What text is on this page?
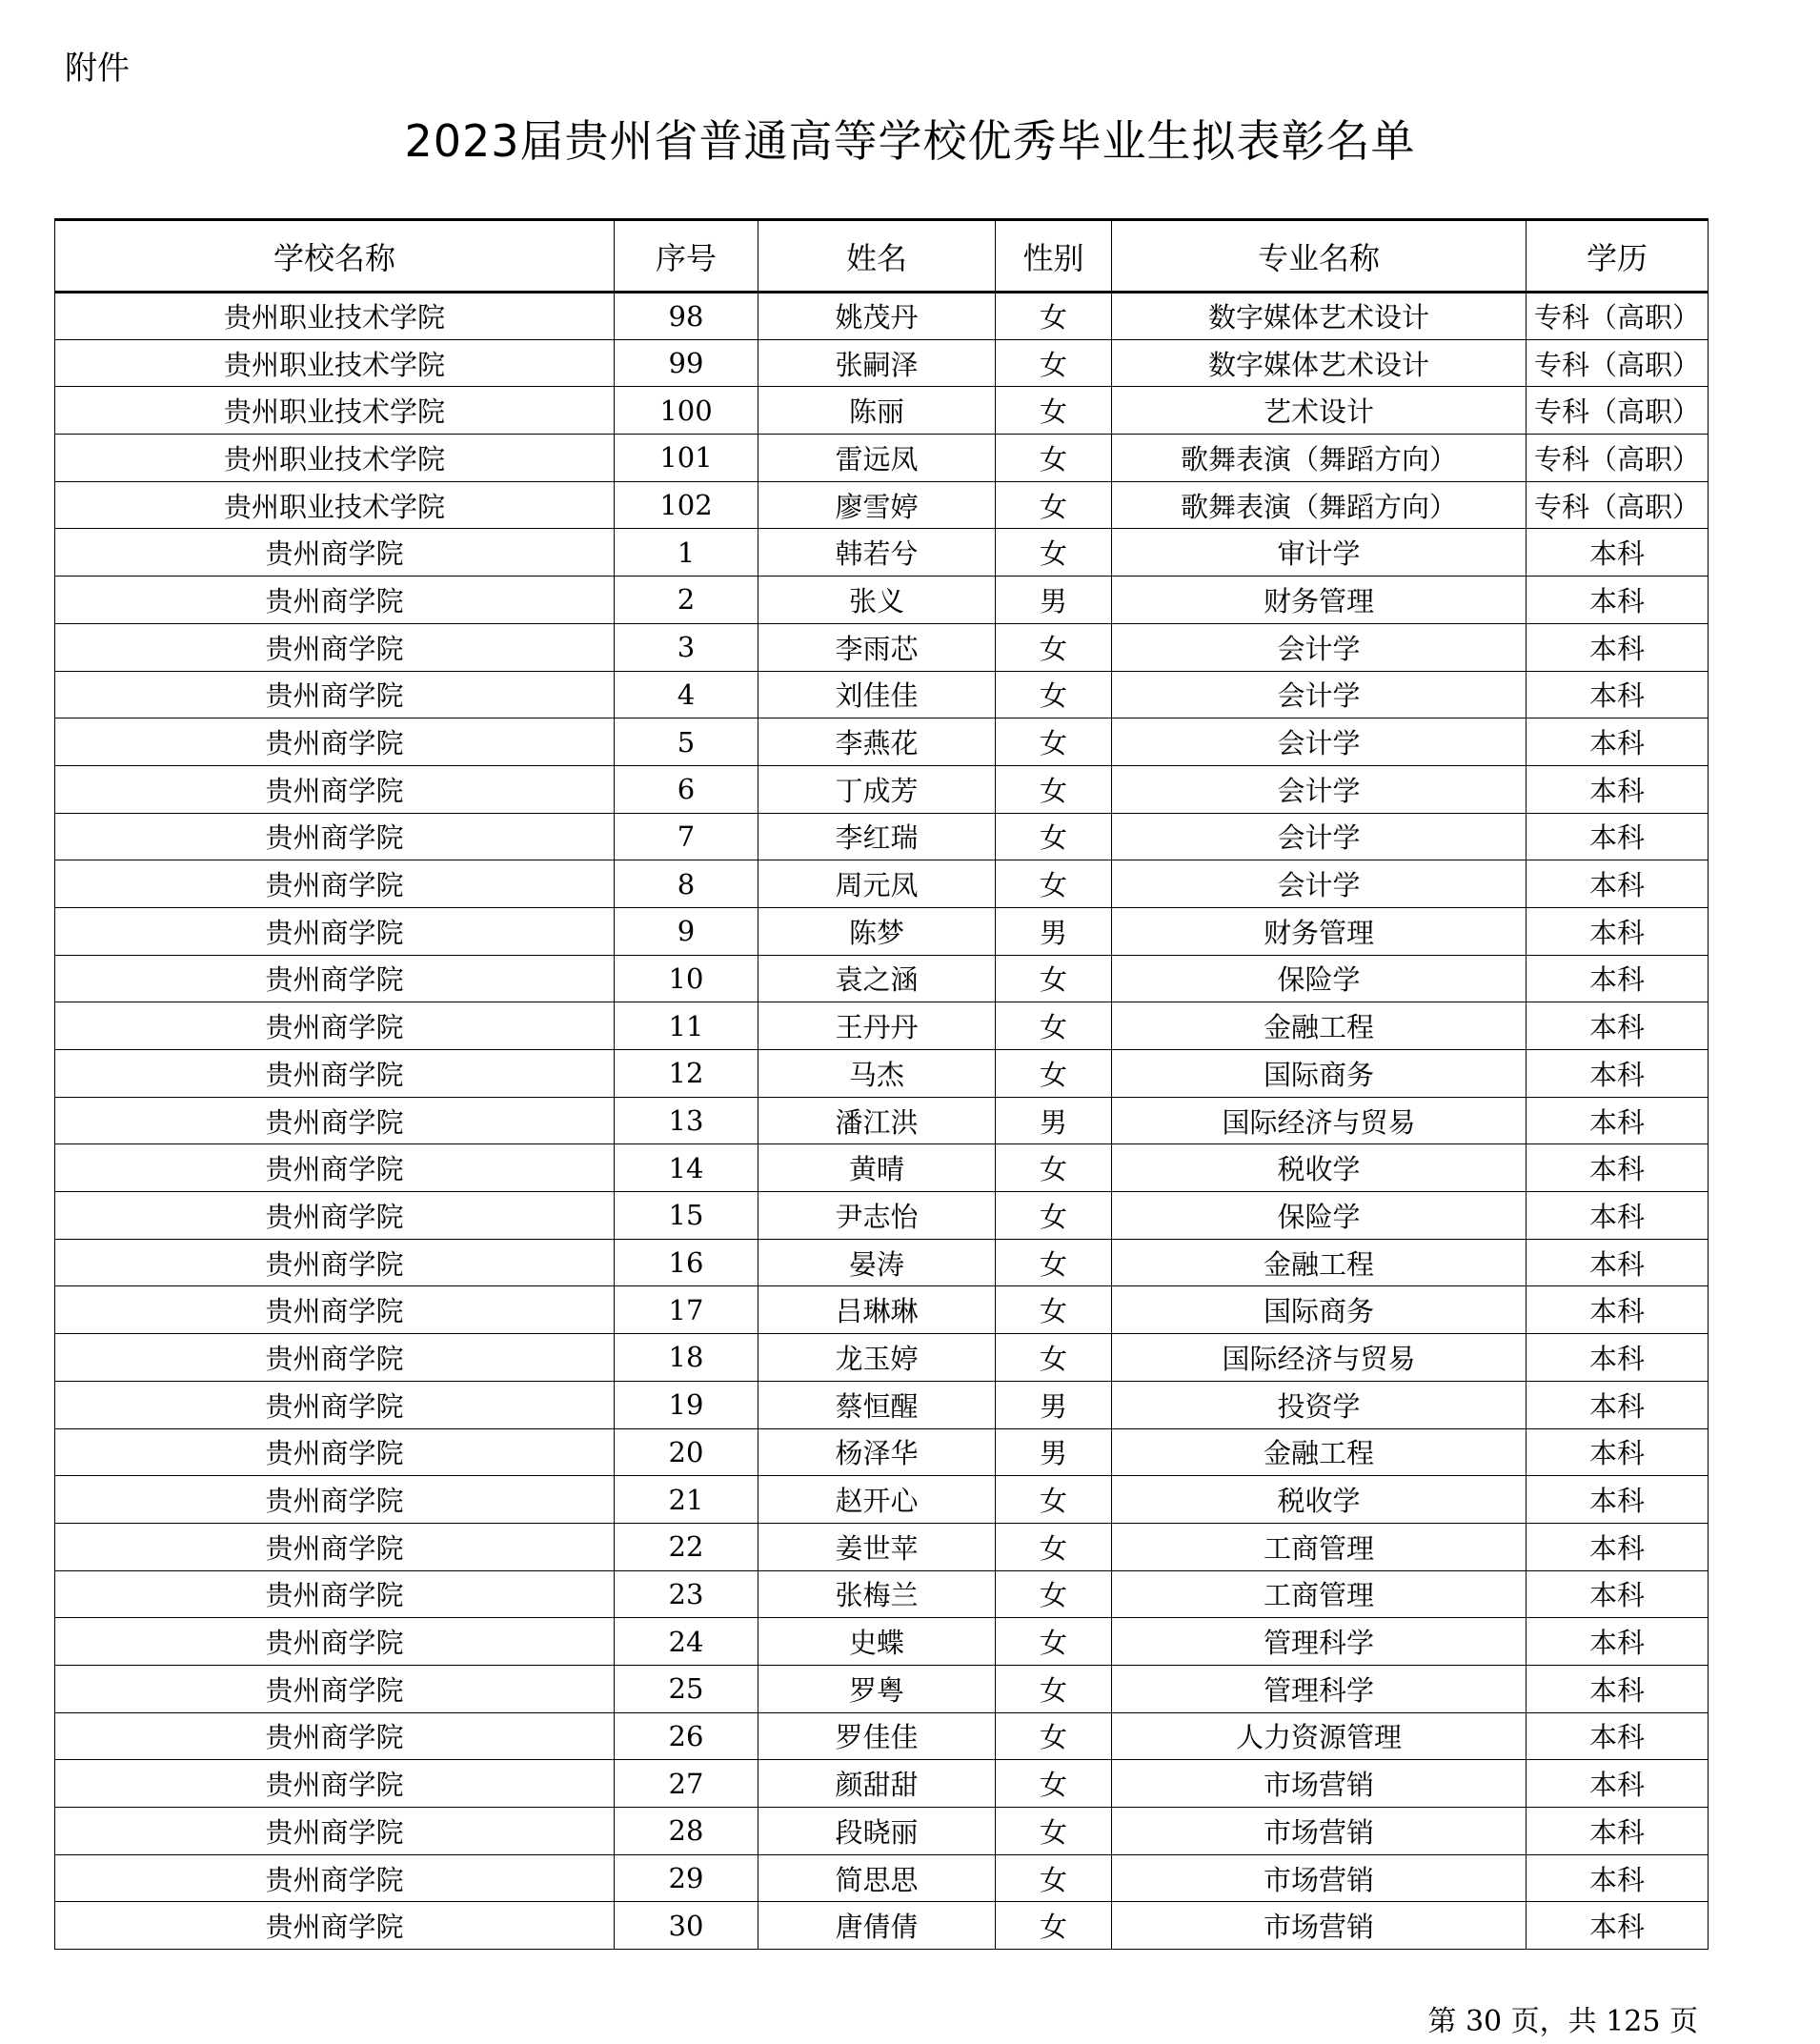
附件
2023届贵州省普通高等学校优秀毕业生拟表彰名单
学校名称	序号	姓名	性别	专业名称	学历
贵州职业技术学院	98	姚茂丹	女	数字媒体艺术设计	专科（高职）
贵州职业技术学院	99	张嗣泽	女	数字媒体艺术设计	专科（高职）
贵州职业技术学院	100	陈丽	女	艺术设计	专科（高职）
贵州职业技术学院	101	雷远凤	女	歌舞表演（舞蹈方向）	专科（高职）
贵州职业技术学院	102	廖雪婷	女	歌舞表演（舞蹈方向）	专科（高职）
贵州商学院	1	韩若兮	女	审计学	本科
贵州商学院	2	张义	男	财务管理	本科
贵州商学院	3	李雨芯	女	会计学	本科
贵州商学院	4	刘佳佳	女	会计学	本科
贵州商学院	5	李燕花	女	会计学	本科
贵州商学院	6	丁成芳	女	会计学	本科
贵州商学院	7	李红瑞	女	会计学	本科
贵州商学院	8	周元凤	女	会计学	本科
贵州商学院	9	陈梦	男	财务管理	本科
贵州商学院	10	袁之涵	女	保险学	本科
贵州商学院	11	王丹丹	女	金融工程	本科
贵州商学院	12	马杰	女	国际商务	本科
贵州商学院	13	潘江洪	男	国际经济与贸易	本科
贵州商学院	14	黄晴	女	税收学	本科
贵州商学院	15	尹志怡	女	保险学	本科
贵州商学院	16	晏涛	女	金融工程	本科
贵州商学院	17	吕琳琳	女	国际商务	本科
贵州商学院	18	龙玉婷	女	国际经济与贸易	本科
贵州商学院	19	蔡恒醒	男	投资学	本科
贵州商学院	20	杨泽华	男	金融工程	本科
贵州商学院	21	赵开心	女	税收学	本科
贵州商学院	22	姜世苹	女	工商管理	本科
贵州商学院	23	张梅兰	女	工商管理	本科
贵州商学院	24	史蝶	女	管理科学	本科
贵州商学院	25	罗粤	女	管理科学	本科
贵州商学院	26	罗佳佳	女	人力资源管理	本科
贵州商学院	27	颜甜甜	女	市场营销	本科
贵州商学院	28	段晓丽	女	市场营销	本科
贵州商学院	29	简思思	女	市场营销	本科
贵州商学院	30	唐倩倩	女	市场营销	本科
第 30 页，共 125 页
